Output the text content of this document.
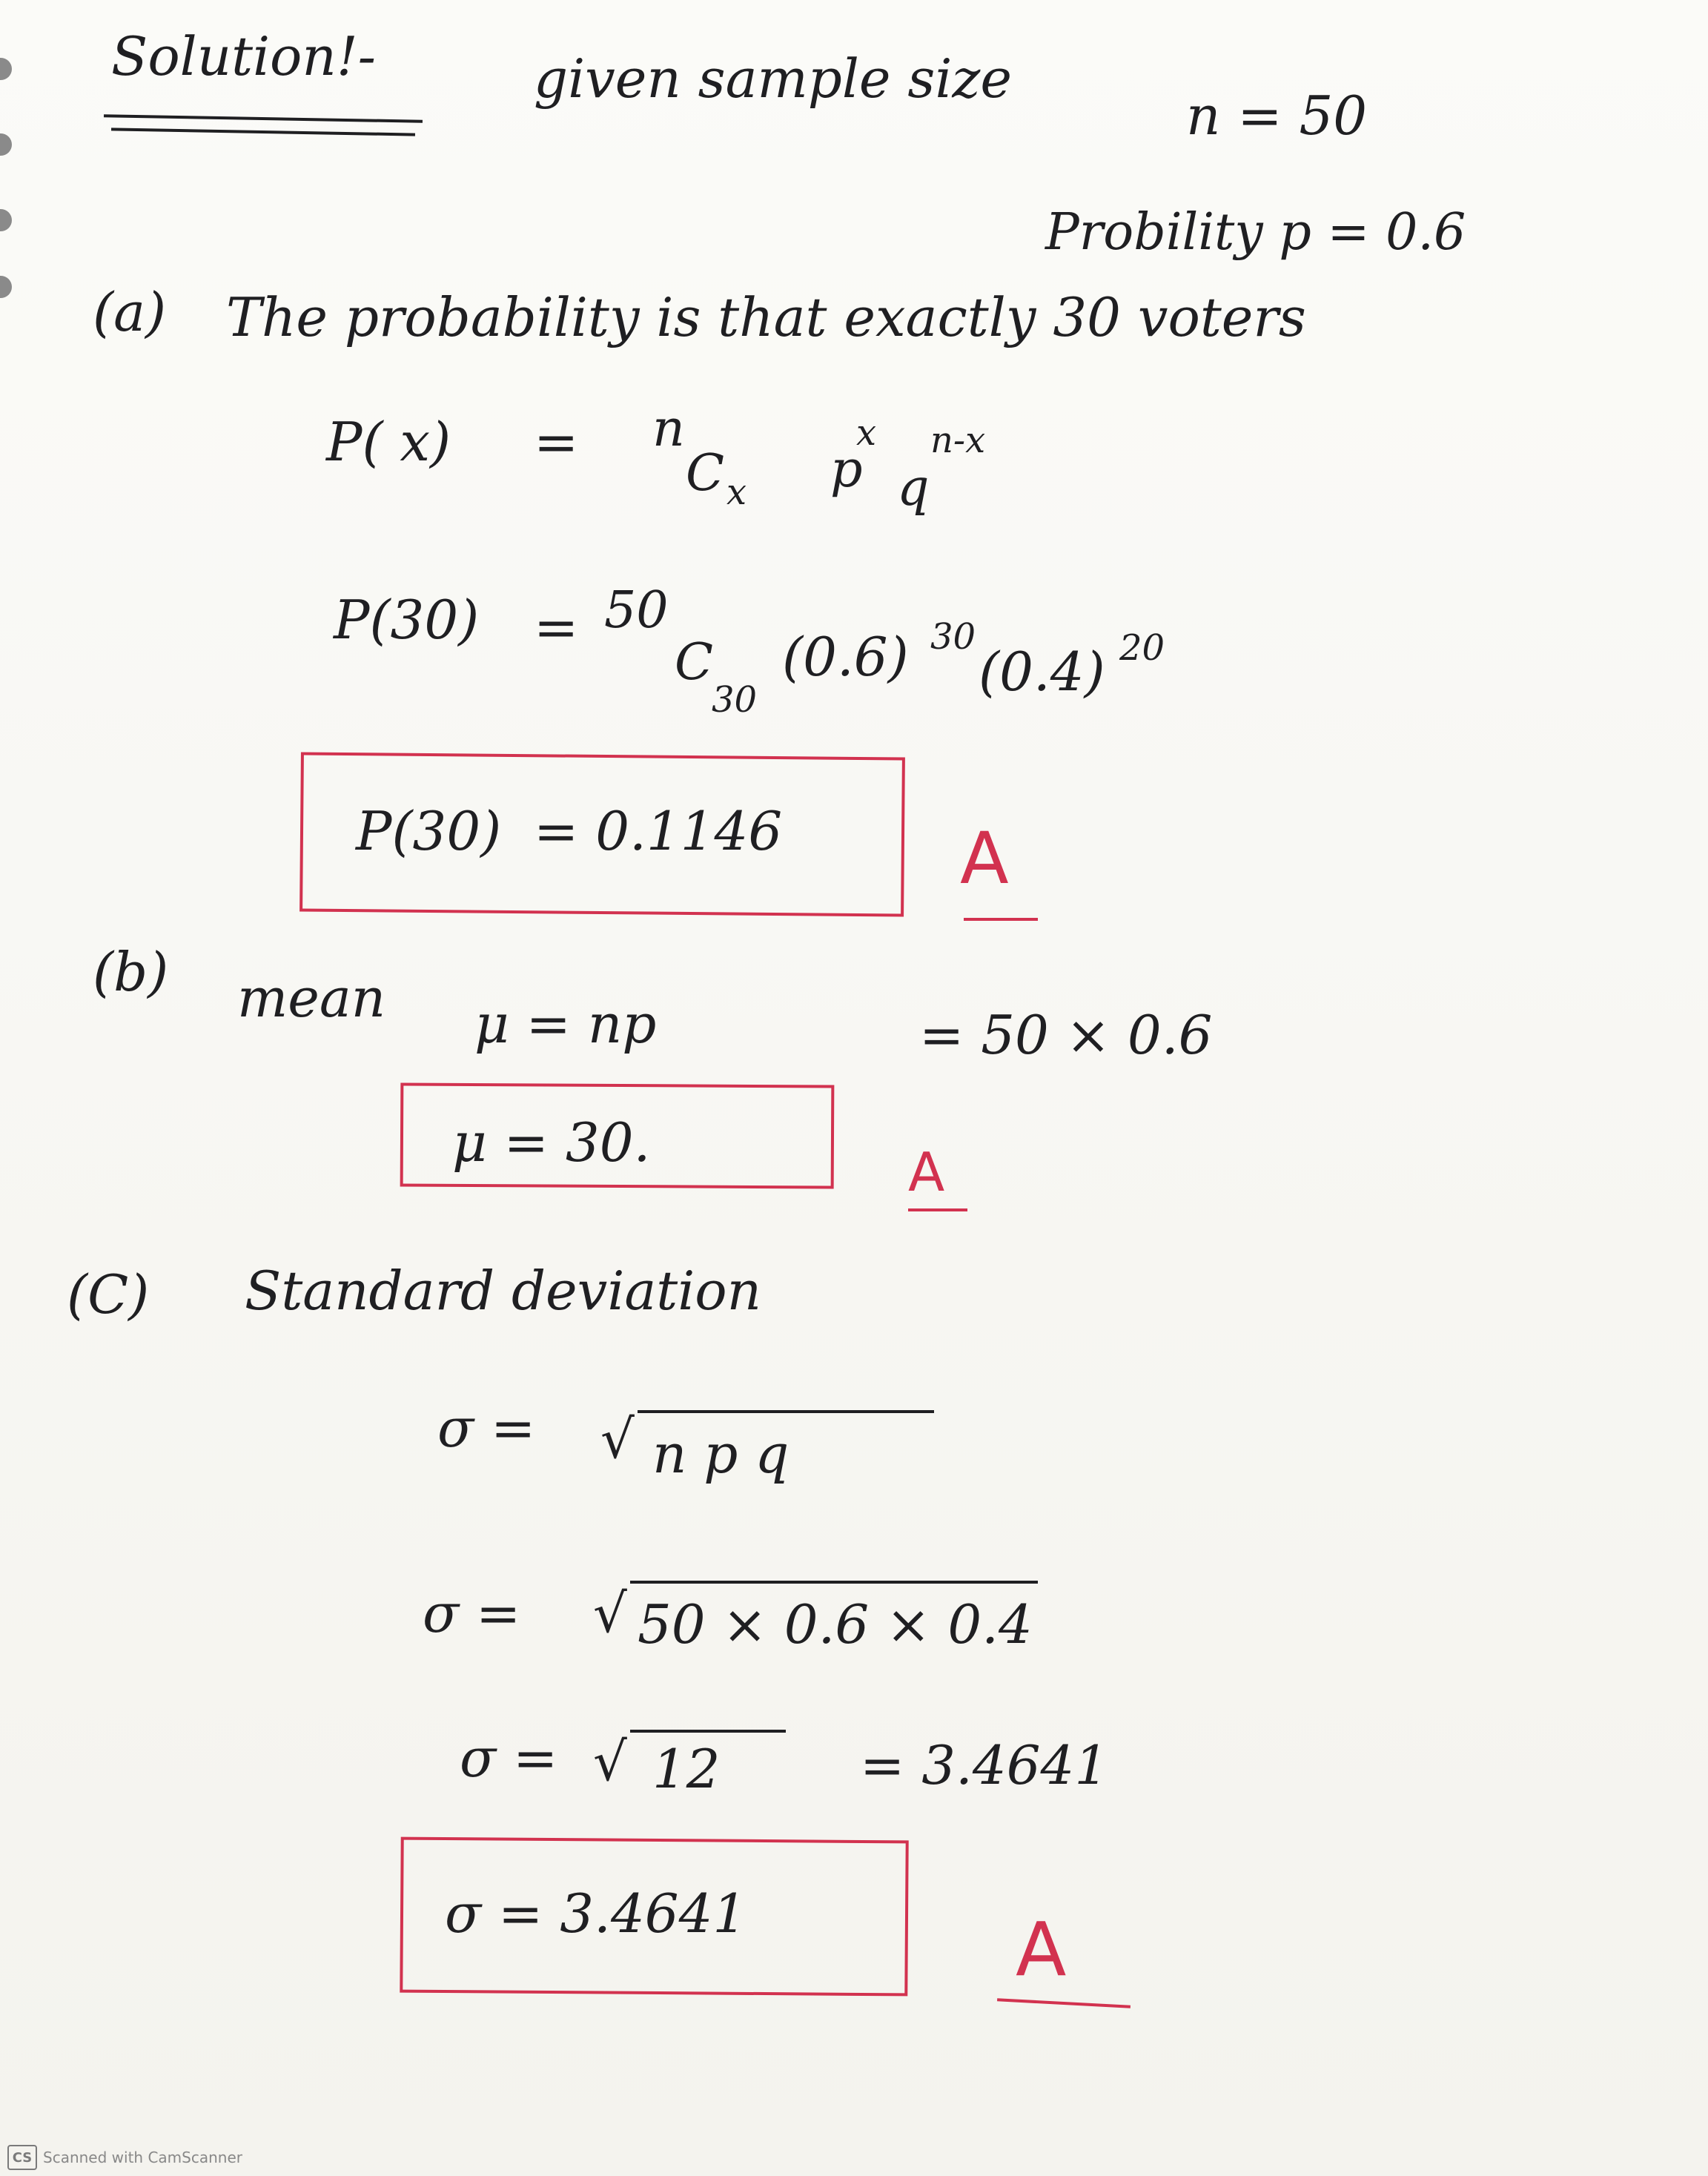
Solution!-	given sample size
n = 50
Probility p = 0.6
(a) The probability is that exactly 30 voters
P( x) = n
C x p
x
q
n-x
P(30) = 50
C
30
(0.6) 30
(0.4) 20
P(30) = 0.1146 A
(b) mean μ = np	= 50 × 0.6
μ = 30.	A
(C) Standard deviation
σ = √ n p q
σ = √ 50 × 0.6 × 0.4
σ = √ 12	= 3.4641
σ = 3.4641	A
CS Scanned with CamScanner
